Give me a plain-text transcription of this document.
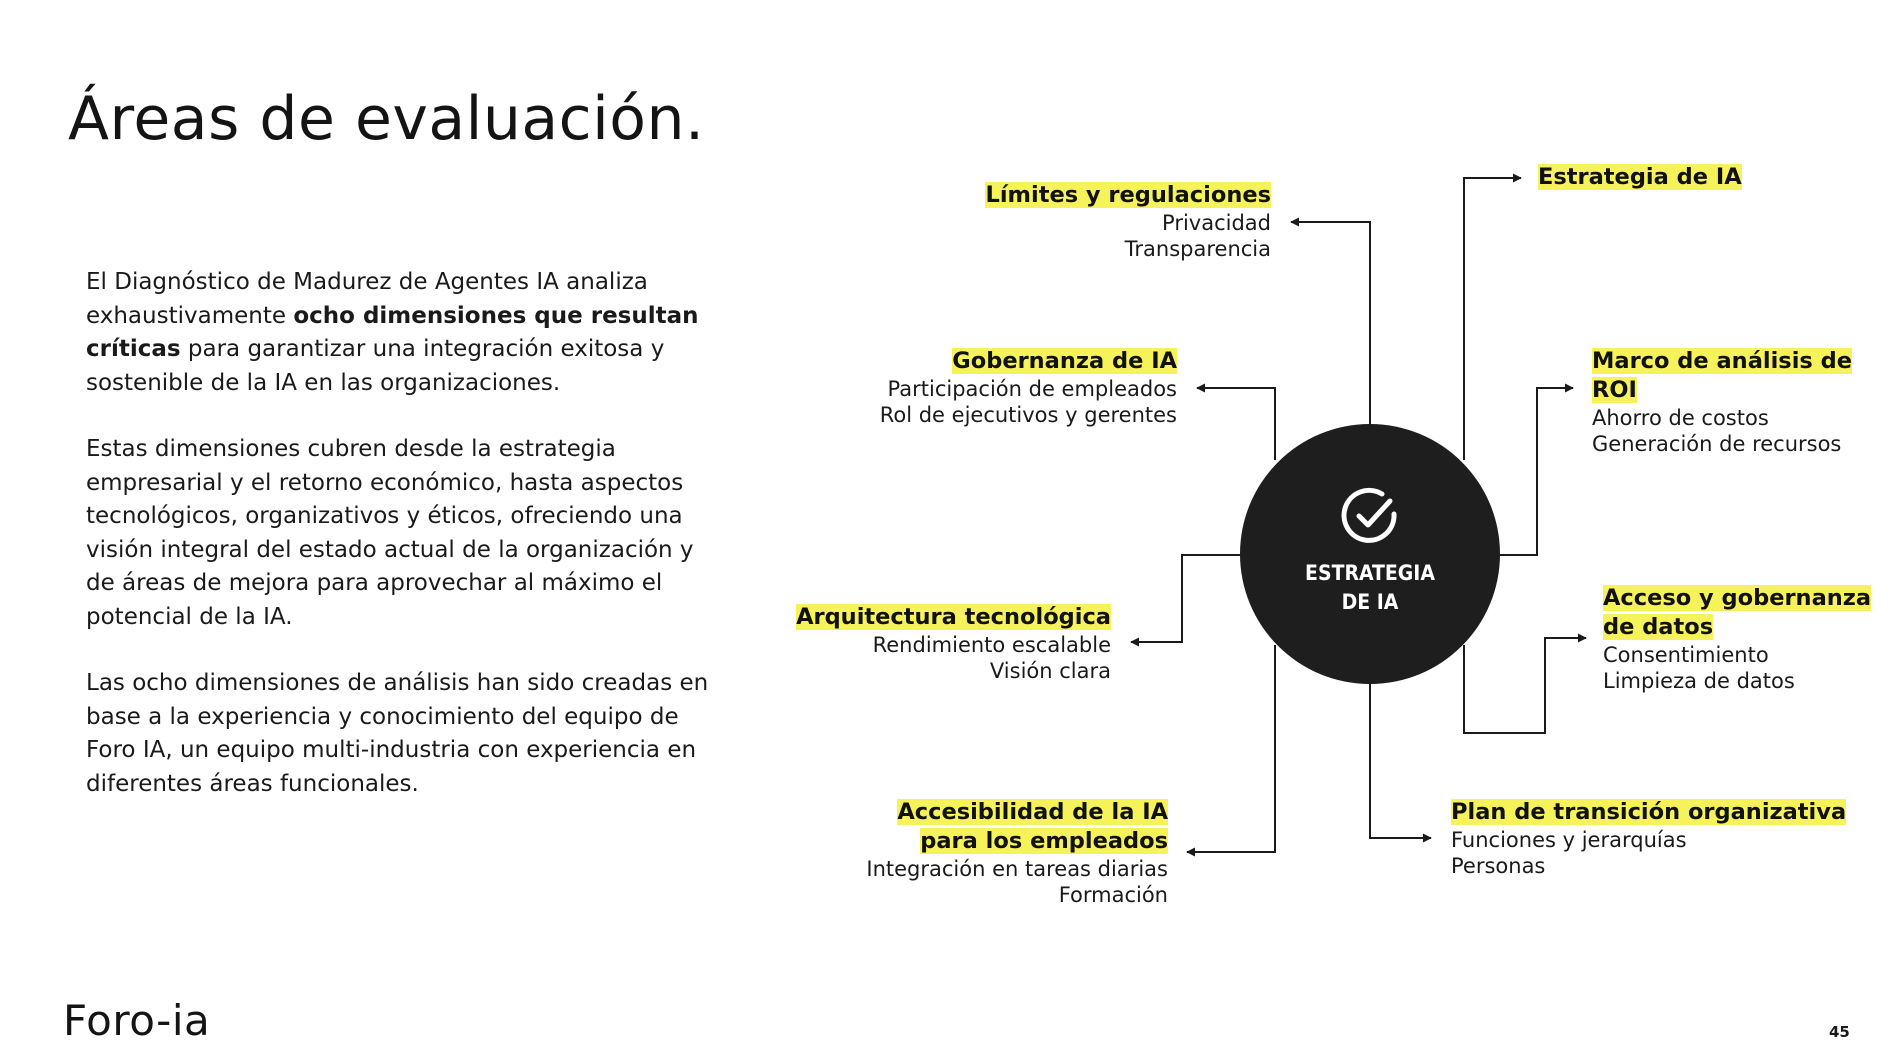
Áreas de evaluación.

El Diagnóstico de Madurez de Agentes IA analiza exhaustivamente ocho dimensiones que resultan críticas para garantizar una integración exitosa y sostenible de la IA en las organizaciones.

Estas dimensiones cubren desde la estrategia empresarial y el retorno económico, hasta aspectos tecnológicos, organizativos y éticos, ofreciendo una visión integral del estado actual de la organización y de áreas de mejora para aprovechar al máximo el potencial de la IA.

Las ocho dimensiones de análisis han sido creadas en base a la experiencia y conocimiento del equipo de Foro IA, un equipo multi-industria con experiencia en diferentes áreas funcionales.

ESTRATEGIA
DE IA
Límites y regulaciones
Privacidad
Transparencia
Estrategia de IA
Gobernanza de IA
Participación de empleados
Rol de ejecutivos y gerentes
Marco de análisis de ROI
Ahorro de costos
Generación de recursos
Arquitectura tecnológica
Rendimiento escalable
Visión clara
Acceso y gobernanza
de datos
Consentimiento
Limpieza de datos
Accesibilidad de la IA
para los empleados
Integración en tareas diarias
Formación
Plan de transición organizativa
Funciones y jerarquías
Personas
Foro-ia	45
